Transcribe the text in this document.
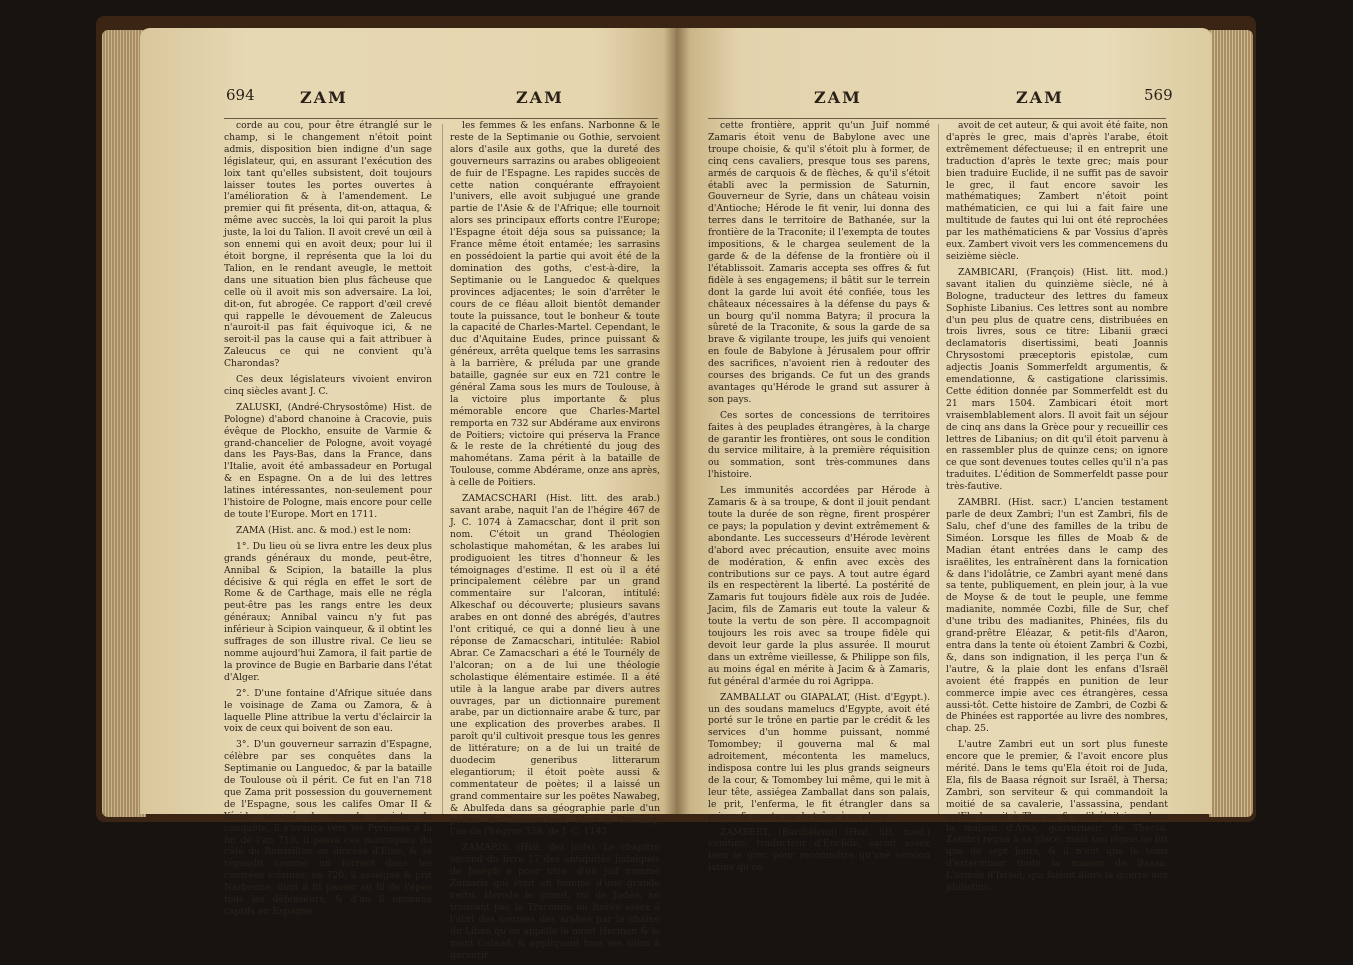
694	ZAM	ZAM

corde au cou, pour être étranglé sur le champ, si le changement n'étoit point admis, disposition bien indigne d'un sage législateur, qui, en assurant l'exécution des loix tant qu'elles subsistent, doit toujours laisser toutes les portes ouvertes à l'amélioration & à l'amendement. Le premier qui fit présenta, dit-on, attaqua, & même avec succès, la loi qui paroit la plus juste, la loi du Talion. Il avoit crevé un œil à son ennemi qui en avoit deux; pour lui il étoit borgne, il représenta que la loi du Talion, en le rendant aveugle, le mettoit dans une situation bien plus fâcheuse que celle où il avoit mis son adversaire. La loi, dit-on, fut abrogée. Ce rapport d'œil crevé qui rappelle le dévouement de Zaleucus n'auroit-il pas fait équivoque ici, & ne seroit-il pas la cause qui a fait attribuer à Zaleucus ce qui ne convient qu'à Charondas?

Ces deux législateurs vivoient environ cinq siècles avant J. C.

ZALUSKI, (André-Chrysostôme) Hist. de Pologne) d'abord chanoine à Cracovie, puis évêque de Plockho, ensuite de Varmie & grand-chancelier de Pologne, avoit voyagé dans les Pays-Bas, dans la France, dans l'Italie, avoit été ambassadeur en Portugal & en Espagne. On a de lui des lettres latines intéressantes, non-seulement pour l'histoire de Pologne, mais encore pour celle de toute l'Europe. Mort en 1711.

ZAMA (Hist. anc. & mod.) est le nom:

1°. Du lieu où se livra entre les deux plus grands généraux du monde, peut-être, Annibal & Scipion, la bataille la plus décisive & qui régla en effet le sort de Rome & de Carthage, mais elle ne régla peut-être pas les rangs entre les deux généraux; Annibal vaincu n'y fut pas inférieur à Scipion vainqueur, & il obtint les suffrages de son illustre rival. Ce lieu se nomme aujourd'hui Zamora, il fait partie de la province de Bugie en Barbarie dans l'état d'Alger.

2°. D'une fontaine d'Afrique située dans le voisinage de Zama ou Zamora, & à laquelle Pline attribue la vertu d'éclaircir la voix de ceux qui boivent de son eau.

3°. D'un gouverneur sarrazin d'Espagne, célèbre par ses conquêtes dans la Septimanie ou Languedoc, & par la bataille de Toulouse où il périt. Ce fut en l'an 718 que Zama prit possession du gouvernement de l'Espagne, sous les califes Omar II & Yézid: occupé de grands projets de conquête, il s'avança vers les Pyrénées à la fin de l'an 719, il passa ces montagnes du côté du Roussillon ou diocèse d'Elne, & se répandit comme un torrent dans les contrées voisines; en 720, il assiégea & prit Narbonne, dont il fit passer au fil de l'épée tous les défenseurs, & d'où il emmena captifs en Espagne

les femmes & les enfans. Narbonne & le reste de la Septimanie ou Gothie, servoient alors d'asile aux goths, que la dureté des gouverneurs sarrazins ou arabes obligeoient de fuir de l'Espagne. Les rapides succès de cette nation conquérante effrayoient l'univers, elle avoit subjugué une grande partie de l'Asie & de l'Afrique; elle tournoit alors ses principaux efforts contre l'Europe; l'Espagne étoit déja sous sa puissance; la France même étoit entamée; les sarrasins en possédoient la partie qui avoit été de la domination des goths, c'est-à-dire, la Septimanie ou le Languedoc & quelques provinces adjacentes; le soin d'arrêter le cours de ce fléau alloit bientôt demander toute la puissance, tout le bonheur & toute la capacité de Charles-Martel. Cependant, le duc d'Aquitaine Eudes, prince puissant & généreux, arrêta quelque tems les sarrasins à la barrière, & préluda par une grande bataille, gagnée sur eux en 721 contre le général Zama sous les murs de Toulouse, à la victoire plus importante & plus mémorable encore que Charles-Martel remporta en 732 sur Abdérame aux environs de Poitiers; victoire qui préserva la France & le reste de la chrétienté du joug des mahométans. Zama périt à la bataille de Toulouse, comme Abdérame, onze ans après, à celle de Poitiers.

ZAMACSCHARI (Hist. litt. des arab.) savant arabe, naquit l'an de l'hégire 467 de J. C. 1074 à Zamacschar, dont il prit son nom. C'étoit un grand Théologien scholastique mahométan, & les arabes lui prodiguoient les titres d'honneur & les témoignages d'estime. Il est où il a été principalement célèbre par un grand commentaire sur l'alcoran, intitulé: Alkeschaf ou découverte; plusieurs savans arabes en ont donné des abrégés, d'autres l'ont critiqué, ce qui a donné lieu à une réponse de Zamacschari, intitulée: Rabiol Abrar. Ce Zamacschari a été le Tournély de l'alcoran; on a de lui une théologie scholastique élémentaire estimée. Il a été utile à la langue arabe par divers autres ouvrages, par un dictionnaire purement arabe, par un dictionnaire arabe & turc, par une explication des proverbes arabes. Il paroît qu'il cultivoit presque tous les genres de littérature; on a de lui un traité de duodecim generibus litterarum elegantiorum; il étoit poète aussi & commentateur de poètes; il a laissé un grand commentaire sur les poëtes Nawabeg, & Abulfeda dans sa géographie parle d'un poëme de Zamacschari. Mort à Corcang, l'an de l'hégyre 538, de J. C. 1143.

ZAMARIS. (Hist. des juifs). Le chapitre second du livre 17 des antiquités judaïques de Joseph a pour titre: d'un juif nommé Zamaris qui étoit un homme d'une grande vertu. Hérode le grand, roi de Judée, ne trouvant pas la Traconite ou Iturée assez à l'abri des courses des arabes par la chaîne du Liban qu'on appelle le mont Hermon & le mont Galaad, & appliquant tous ses soins à garantir

ZAM	ZAM	569

cette frontière, apprit qu'un Juif nommé Zamaris étoit venu de Babylone avec une troupe choisie, & qu'il s'étoit plu à former, de cinq cens cavaliers, presque tous ses parens, armés de carquois & de flèches, & qu'il s'étoit établi avec la permission de Saturnin, Gouverneur de Syrie, dans un château voisin d'Antioche; Hérode le fit venir, lui donna des terres dans le territoire de Bathanée, sur la frontière de la Traconite; il l'exempta de toutes impositions, & le chargea seulement de la garde & de la défense de la frontière où il l'établissoit. Zamaris accepta ses offres & fut fidèle à ses engagemens; il bâtit sur le terrein dont la garde lui avoit été confiée, tous les châteaux nécessaires à la défense du pays & un bourg qu'il nomma Batyra; il procura la sûreté de la Traconite, & sous la garde de sa brave & vigilante troupe, les juifs qui venoient en foule de Babylone à Jérusalem pour offrir des sacrifices, n'avoient rien à redouter des courses des brigands. Ce fut un des grands avantages qu'Hérode le grand sut assurer à son pays.

Ces sortes de concessions de territoires faites à des peuplades étrangères, à la charge de garantir les frontières, ont sous le condition du service militaire, à la première réquisition ou sommation, sont très-communes dans l'histoire.

Les immunités accordées par Hérode à Zamaris & à sa troupe, & dont il jouit pendant toute la durée de son règne, firent prospérer ce pays; la population y devint extrêmement & abondante. Les successeurs d'Hérode levèrent d'abord avec précaution, ensuite avec moins de modération, & enfin avec excès des contributions sur ce pays. A tout autre égard ils en respectèrent la liberté. La postérité de Zamaris fut toujours fidèle aux rois de Judée. Jacim, fils de Zamaris eut toute la valeur & toute la vertu de son père. Il accompagnoit toujours les rois avec sa troupe fidèle qui devoit leur garde la plus assurée. Il mourut dans un extrême vieillesse, & Philippe son fils, au moins égal en mérite à Jacim & à Zamaris, fut général d'armée du roi Agrippa.

ZAMBALLAT ou GIAPALAT, (Hist. d'Egypt.). un des soudans mamelucs d'Egypte, avoit été porté sur le trône en partie par le crédit & les services d'un homme puissant, nommé Tomombey; il gouverna mal & mal adroitement, mécontenta les mamelucs, indisposa contre lui les plus grands seigneurs de la cour, & Tomombey lui même, qui le mit à leur tête, assiégea Zamballat dans son palais, le prit, l'enferma, le fit étrangler dans sa prison & monta sur le trône à sa place.

ZAMBERT, (Barthélemi) (Hist. litt. mod.) vénitien, traducteur d'Euclide, savoit assez bien le grec pour reconnoître qu'une version latine qu'on

avoit de cet auteur, & qui avoit été faite, non d'après le grec, mais d'après l'arabe, étoit extrêmement défectueuse; il en entreprit une traduction d'après le texte grec; mais pour bien traduire Euclide, il ne suffit pas de savoir le grec, il faut encore savoir les mathématiques; Zambert n'étoit point mathématicien, ce qui lui a fait faire une multitude de fautes qui lui ont été reprochées par les mathématiciens & par Vossius d'après eux. Zambert vivoit vers les commencemens du seizième siècle.

ZAMBICARI, (François) (Hist. litt. mod.) savant italien du quinzième siècle, né à Bologne, traducteur des lettres du fameux Sophiste Libanius. Ces lettres sont au nombre d'un peu plus de quatre cens, distribuées en trois livres, sous ce titre: Libanii græci declamatoris disertissimi, beati Joannis Chrysostomi præceptoris epistolæ, cum adjectis Joanis Sommerfeldt argumentis, & emendationne, & castigatione clarissimis. Cette édition donnée par Sommerfeldt est du 21 mars 1504. Zambicari étoit mort vraisemblablement alors. Il avoit fait un séjour de cinq ans dans la Grèce pour y recueillir ces lettres de Libanius; on dit qu'il étoit parvenu à en rassembler plus de quinze cens; on ignore ce que sont devenues toutes celles qu'il n'a pas traduites. L'édition de Sommerfeldt passe pour très-fautive.

ZAMBRI. (Hist. sacr.) L'ancien testament parle de deux Zambri; l'un est Zambri, fils de Salu, chef d'une des familles de la tribu de Siméon. Lorsque les filles de Moab & de Madian étant entrées dans le camp des israëlites, les entraînèrent dans la fornication & dans l'idolâtrie, ce Zambri ayant mené dans sa tente, publiquement, en plein jour, à la vue de Moyse & de tout le peuple, une femme madianite, nommée Cozbi, fille de Sur, chef d'une tribu des madianites, Phinées, fils du grand-prêtre Eléazar, & petit-fils d'Aaron, entra dans la tente où étoient Zambri & Cozbi, &, dans son indignation, il les perça l'un & l'autre, & la plaie dont les enfans d'Israël avoient été frappés en punition de leur commerce impie avec ces étrangères, cessa aussi-tôt. Cette histoire de Zambri, de Cozbi & de Phinées est rapportée au livre des nombres, chap. 25.

L'autre Zambri eut un sort plus funeste encore que le premier, & l'avoit encore plus mérité. Dans le tems qu'Ela étoit roi de Juda, Ela, fils de Baasa régnoit sur Israël, à Thersa; Zambri, son serviteur & qui commandoit la moitié de sa cavalerie, l'assassina, pendant qu'Ela buvoit à Thersa, & qu'il étoit ivre dans la maison d'Arsa, gouverneur de Thersa. Zambri régna à sa place, mais son règne ne fut que de sept jours, & il n'eut que le tems d'exterminer toute la maison de Baasa. L'armée d'Israël, qui faisoit alors la guerre aux philistins,
